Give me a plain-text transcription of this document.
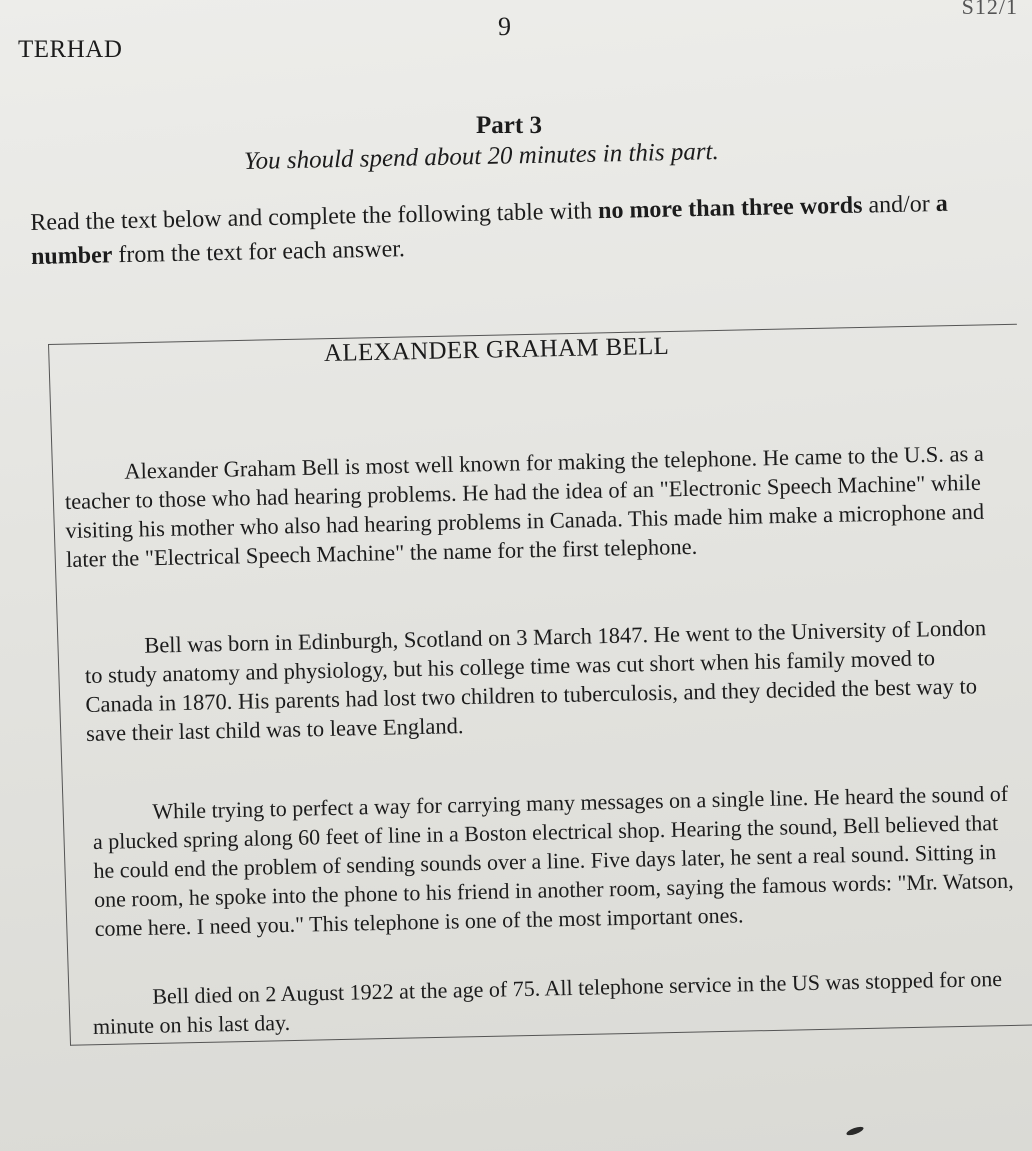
S12/1
9
TERHAD
Part 3
You should spend about 20 minutes in this part.
Read the text below and complete the following table with no more than three words and/or a number from the text for each answer.
ALEXANDER GRAHAM BELL
Alexander Graham Bell is most well known for making the telephone. He came to the U.S. as a teacher to those who had hearing problems. He had the idea of an "Electronic Speech Machine" while visiting his mother who also had hearing problems in Canada. This made him make a microphone and later the "Electrical Speech Machine" the name for the first telephone.
Bell was born in Edinburgh, Scotland on 3 March 1847. He went to the University of London to study anatomy and physiology, but his college time was cut short when his family moved to Canada in 1870. His parents had lost two children to tuberculosis, and they decided the best way to save their last child was to leave England.
While trying to perfect a way for carrying many messages on a single line. He heard the sound of a plucked spring along 60 feet of line in a Boston electrical shop. Hearing the sound, Bell believed that he could end the problem of sending sounds over a line. Five days later, he sent a real sound. Sitting in one room, he spoke into the phone to his friend in another room, saying the famous words: "Mr. Watson, come here. I need you." This telephone is one of the most important ones.
Bell died on 2 August 1922 at the age of 75. All telephone service in the US was stopped for one minute on his last day.
